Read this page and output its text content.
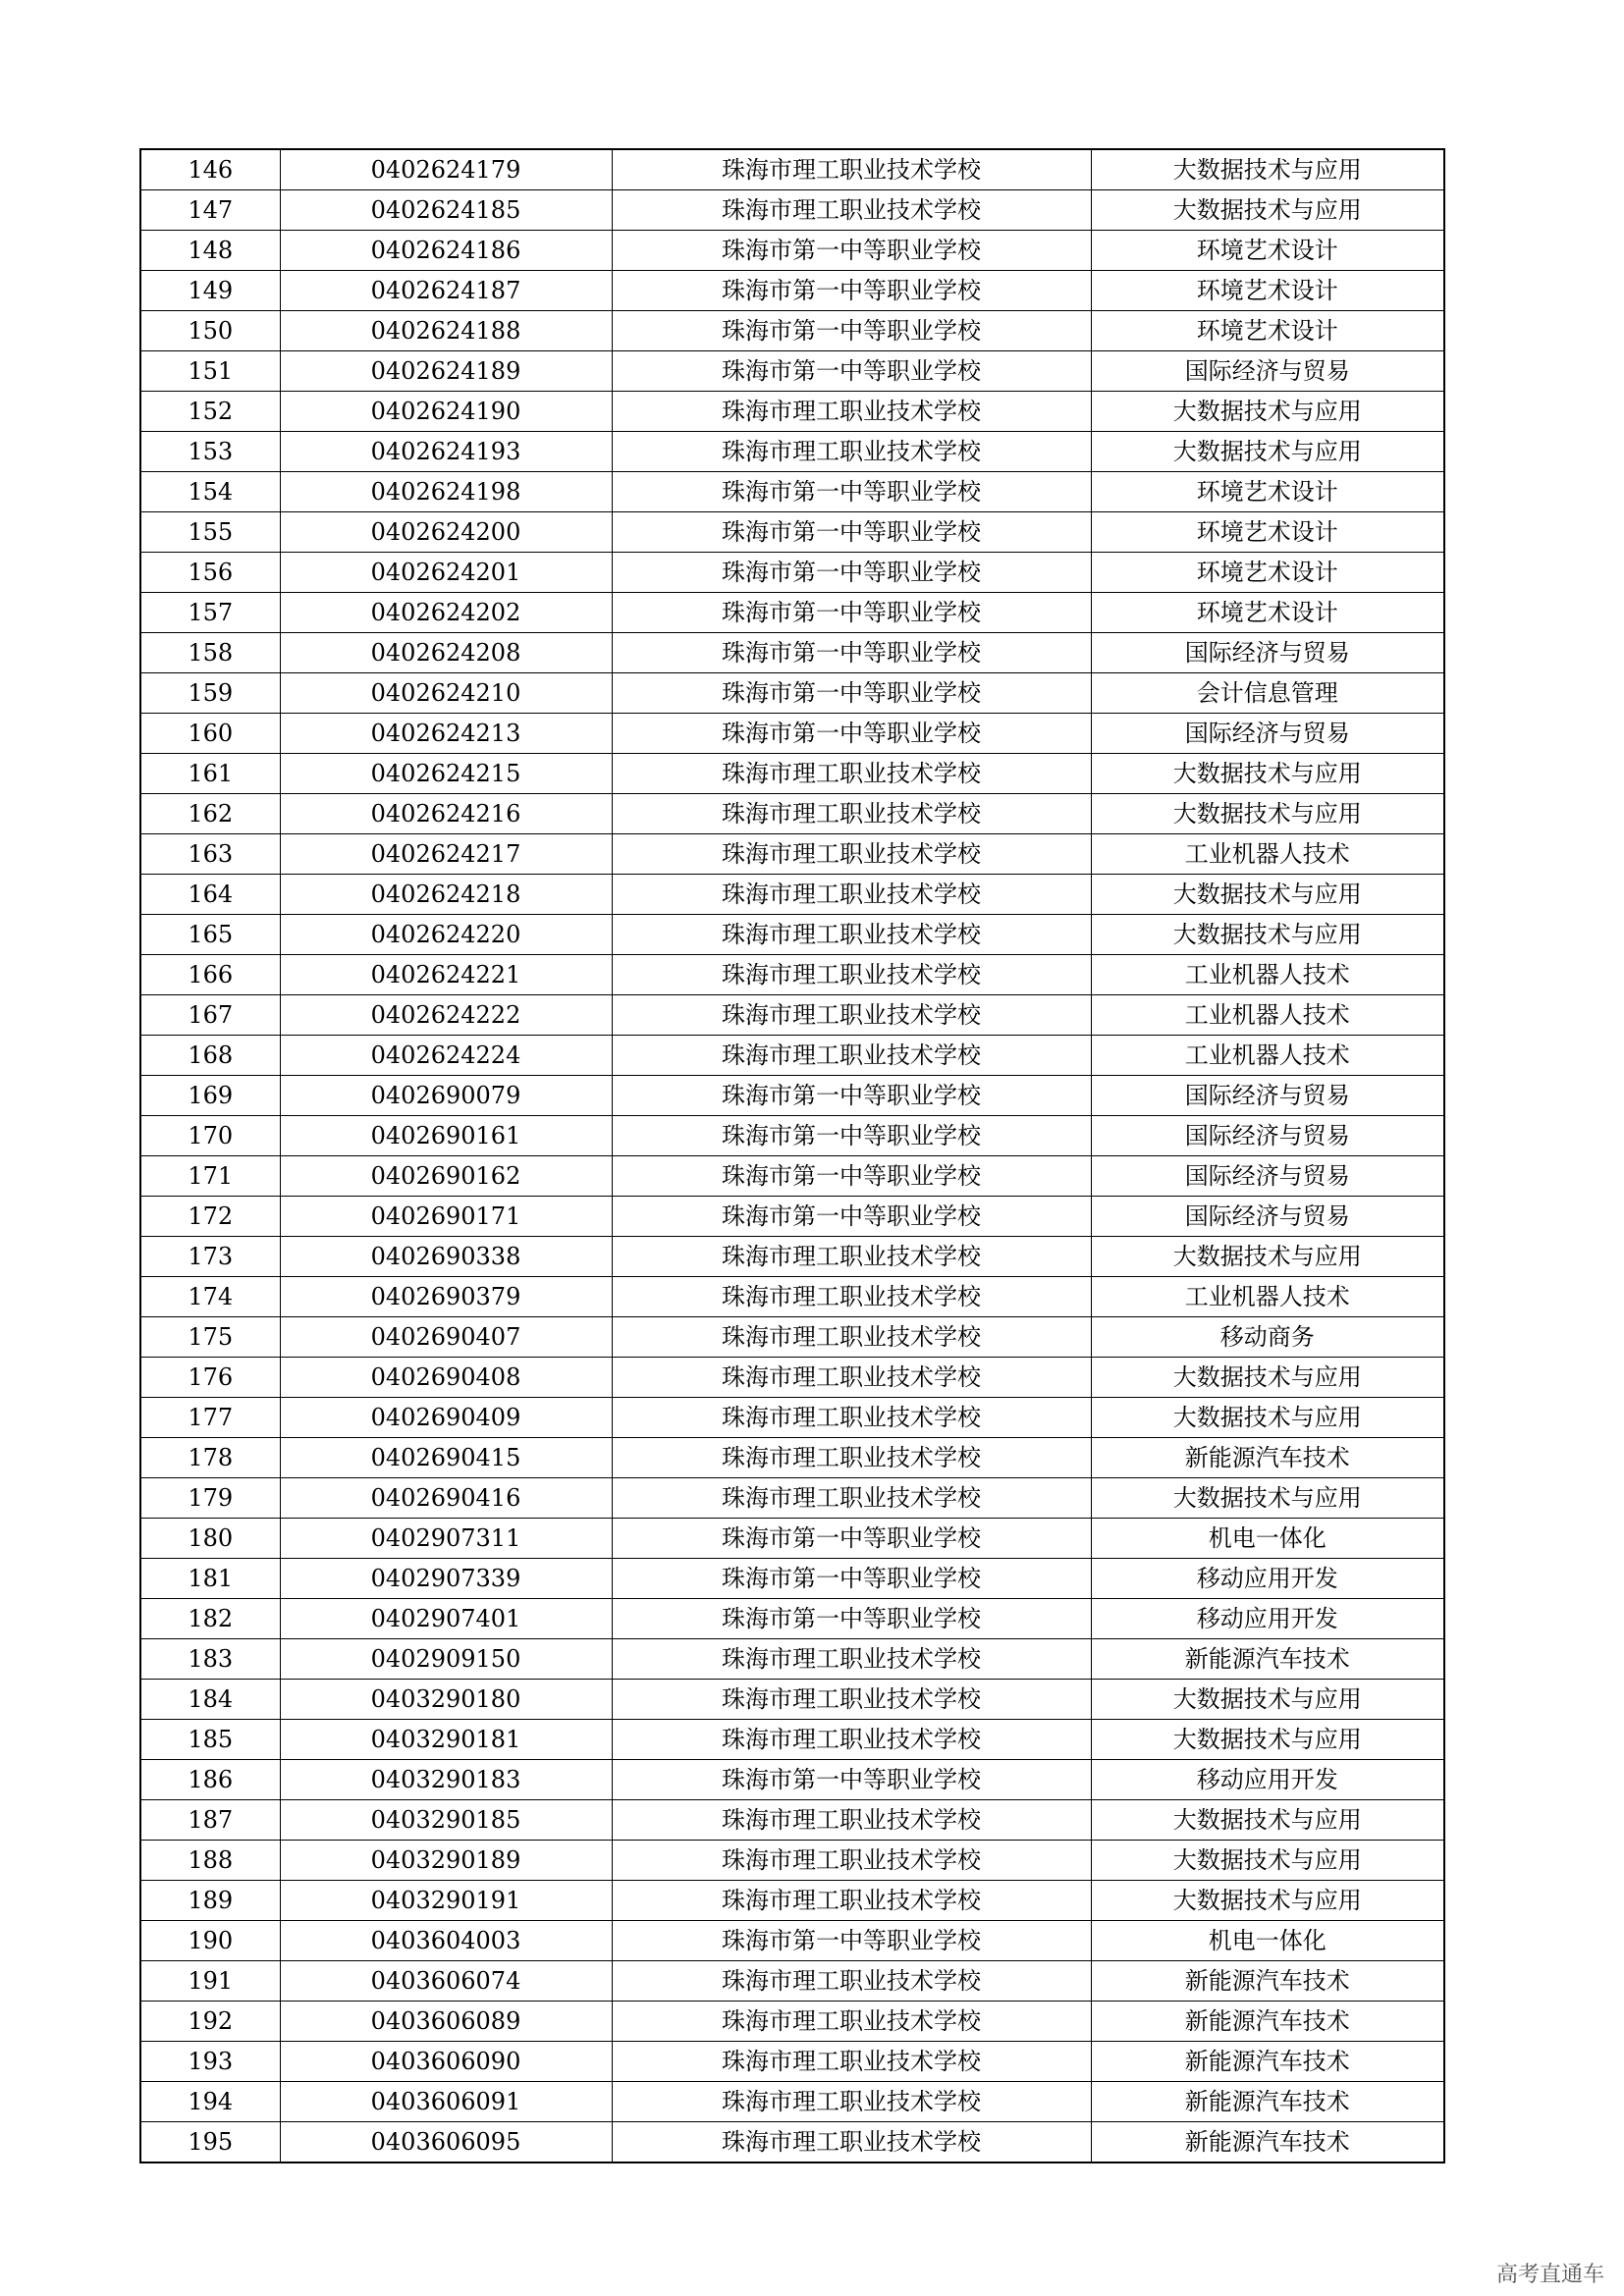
146	0402624179	珠海市理工职业技术学校	大数据技术与应用
147	0402624185	珠海市理工职业技术学校	大数据技术与应用
148	0402624186	珠海市第一中等职业学校	环境艺术设计
149	0402624187	珠海市第一中等职业学校	环境艺术设计
150	0402624188	珠海市第一中等职业学校	环境艺术设计
151	0402624189	珠海市第一中等职业学校	国际经济与贸易
152	0402624190	珠海市理工职业技术学校	大数据技术与应用
153	0402624193	珠海市理工职业技术学校	大数据技术与应用
154	0402624198	珠海市第一中等职业学校	环境艺术设计
155	0402624200	珠海市第一中等职业学校	环境艺术设计
156	0402624201	珠海市第一中等职业学校	环境艺术设计
157	0402624202	珠海市第一中等职业学校	环境艺术设计
158	0402624208	珠海市第一中等职业学校	国际经济与贸易
159	0402624210	珠海市第一中等职业学校	会计信息管理
160	0402624213	珠海市第一中等职业学校	国际经济与贸易
161	0402624215	珠海市理工职业技术学校	大数据技术与应用
162	0402624216	珠海市理工职业技术学校	大数据技术与应用
163	0402624217	珠海市理工职业技术学校	工业机器人技术
164	0402624218	珠海市理工职业技术学校	大数据技术与应用
165	0402624220	珠海市理工职业技术学校	大数据技术与应用
166	0402624221	珠海市理工职业技术学校	工业机器人技术
167	0402624222	珠海市理工职业技术学校	工业机器人技术
168	0402624224	珠海市理工职业技术学校	工业机器人技术
169	0402690079	珠海市第一中等职业学校	国际经济与贸易
170	0402690161	珠海市第一中等职业学校	国际经济与贸易
171	0402690162	珠海市第一中等职业学校	国际经济与贸易
172	0402690171	珠海市第一中等职业学校	国际经济与贸易
173	0402690338	珠海市理工职业技术学校	大数据技术与应用
174	0402690379	珠海市理工职业技术学校	工业机器人技术
175	0402690407	珠海市理工职业技术学校	移动商务
176	0402690408	珠海市理工职业技术学校	大数据技术与应用
177	0402690409	珠海市理工职业技术学校	大数据技术与应用
178	0402690415	珠海市理工职业技术学校	新能源汽车技术
179	0402690416	珠海市理工职业技术学校	大数据技术与应用
180	0402907311	珠海市第一中等职业学校	机电一体化
181	0402907339	珠海市第一中等职业学校	移动应用开发
182	0402907401	珠海市第一中等职业学校	移动应用开发
183	0402909150	珠海市理工职业技术学校	新能源汽车技术
184	0403290180	珠海市理工职业技术学校	大数据技术与应用
185	0403290181	珠海市理工职业技术学校	大数据技术与应用
186	0403290183	珠海市第一中等职业学校	移动应用开发
187	0403290185	珠海市理工职业技术学校	大数据技术与应用
188	0403290189	珠海市理工职业技术学校	大数据技术与应用
189	0403290191	珠海市理工职业技术学校	大数据技术与应用
190	0403604003	珠海市第一中等职业学校	机电一体化
191	0403606074	珠海市理工职业技术学校	新能源汽车技术
192	0403606089	珠海市理工职业技术学校	新能源汽车技术
193	0403606090	珠海市理工职业技术学校	新能源汽车技术
194	0403606091	珠海市理工职业技术学校	新能源汽车技术
195	0403606095	珠海市理工职业技术学校	新能源汽车技术
高考直通车
